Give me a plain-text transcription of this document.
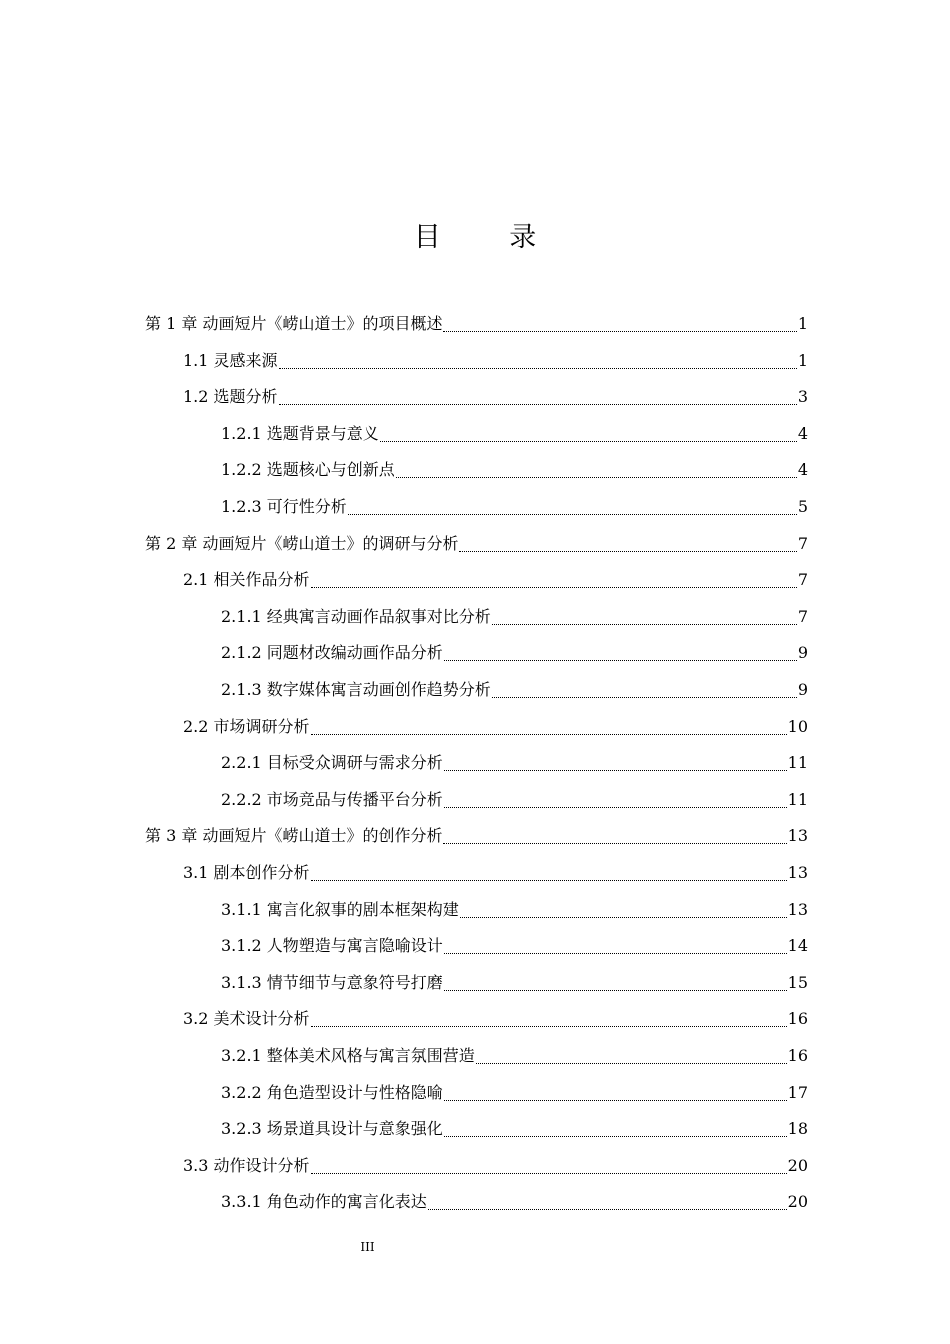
目 录
第 1 章 动画短片《崂山道士》的项目概述	1
1.1 灵感来源	1
1.2 选题分析	3
1.2.1 选题背景与意义	4
1.2.2 选题核心与创新点	4
1.2.3 可行性分析	5
第 2 章 动画短片《崂山道士》的调研与分析	7
2.1 相关作品分析	7
2.1.1 经典寓言动画作品叙事对比分析	7
2.1.2 同题材改编动画作品分析	9
2.1.3 数字媒体寓言动画创作趋势分析	9
2.2 市场调研分析	10
2.2.1 目标受众调研与需求分析	11
2.2.2 市场竞品与传播平台分析	11
第 3 章 动画短片《崂山道士》的创作分析	13
3.1 剧本创作分析	13
3.1.1 寓言化叙事的剧本框架构建	13
3.1.2 人物塑造与寓言隐喻设计	14
3.1.3 情节细节与意象符号打磨	15
3.2 美术设计分析	16
3.2.1 整体美术风格与寓言氛围营造	16
3.2.2 角色造型设计与性格隐喻	17
3.2.3 场景道具设计与意象强化	18
3.3 动作设计分析	20
3.3.1 角色动作的寓言化表达	20
III
